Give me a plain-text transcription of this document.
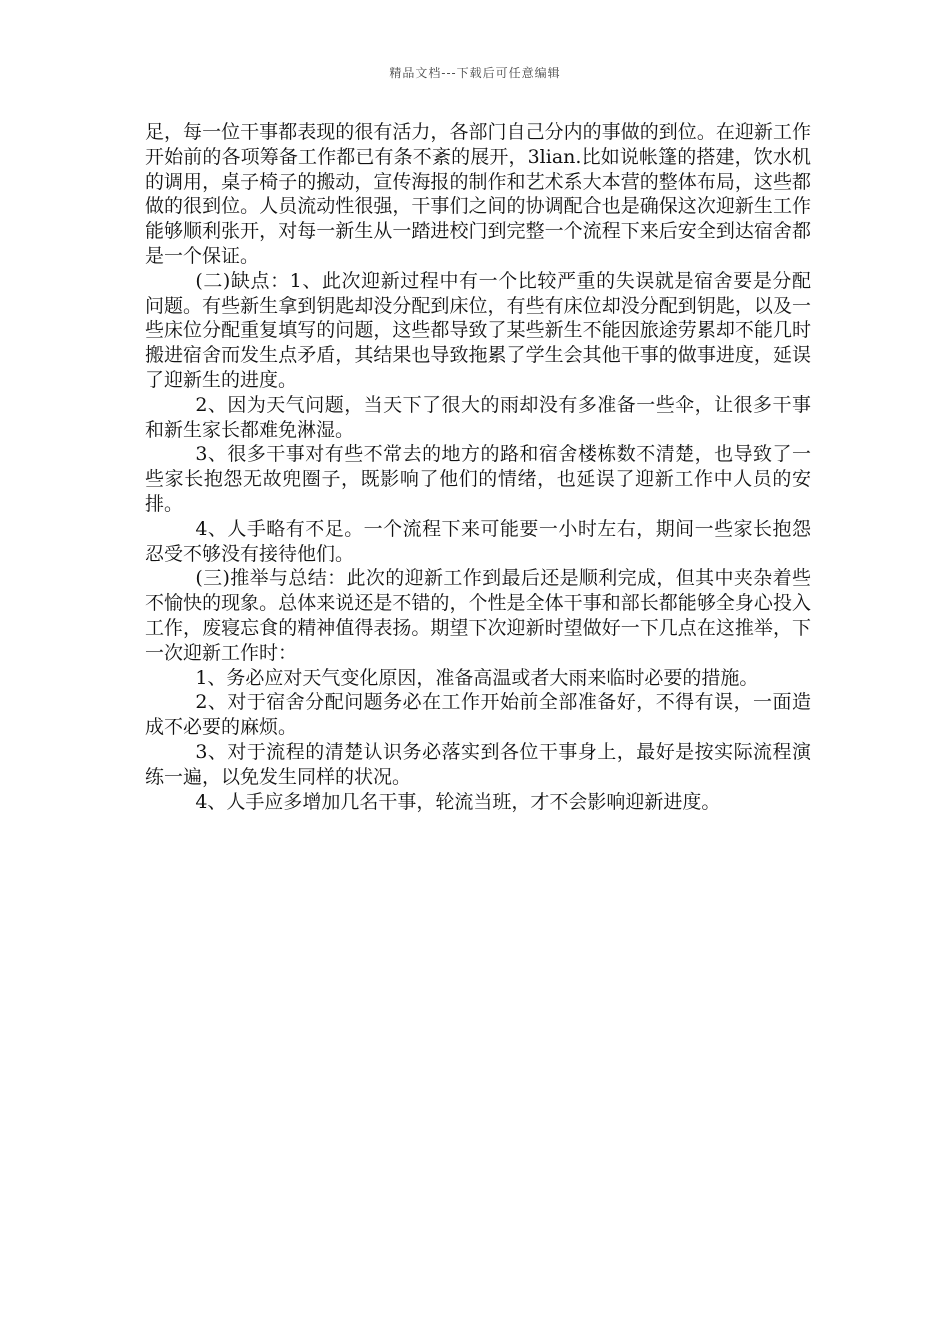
精品文档---下载后可任意编辑

足，每一位干事都表现的很有活力，各部门自己分内的事做的到位。在迎新工作开始前的各项筹备工作都已有条不紊的展开，3lian.比如说帐篷的搭建，饮水机的调用，桌子椅子的搬动，宣传海报的制作和艺术系大本营的整体布局，这些都做的很到位。人员流动性很强，干事们之间的协调配合也是确保这次迎新生工作能够顺利张开，对每一新生从一踏进校门到完整一个流程下来后安全到达宿舍都是一个保证。

(二)缺点：1、此次迎新过程中有一个比较严重的失误就是宿舍要是分配问题。有些新生拿到钥匙却没分配到床位，有些有床位却没分配到钥匙，以及一些床位分配重复填写的问题，这些都导致了某些新生不能因旅途劳累却不能几时搬进宿舍而发生点矛盾，其结果也导致拖累了学生会其他干事的做事进度，延误了迎新生的进度。

2、因为天气问题，当天下了很大的雨却没有多准备一些伞，让很多干事和新生家长都难免淋湿。

3、很多干事对有些不常去的地方的路和宿舍楼栋数不清楚，也导致了一些家长抱怨无故兜圈子，既影响了他们的情绪，也延误了迎新工作中人员的安排。

4、人手略有不足。一个流程下来可能要一小时左右，期间一些家长抱怨忍受不够没有接待他们。

(三)推举与总结：此次的迎新工作到最后还是顺利完成，但其中夹杂着些不愉快的现象。总体来说还是不错的，个性是全体干事和部长都能够全身心投入工作，废寝忘食的精神值得表扬。期望下次迎新时望做好一下几点在这推举，下一次迎新工作时：

1、务必应对天气变化原因，准备高温或者大雨来临时必要的措施。

2、对于宿舍分配问题务必在工作开始前全部准备好，不得有误，一面造成不必要的麻烦。

3、对于流程的清楚认识务必落实到各位干事身上，最好是按实际流程演练一遍，以免发生同样的状况。

4、人手应多增加几名干事，轮流当班，才不会影响迎新进度。
